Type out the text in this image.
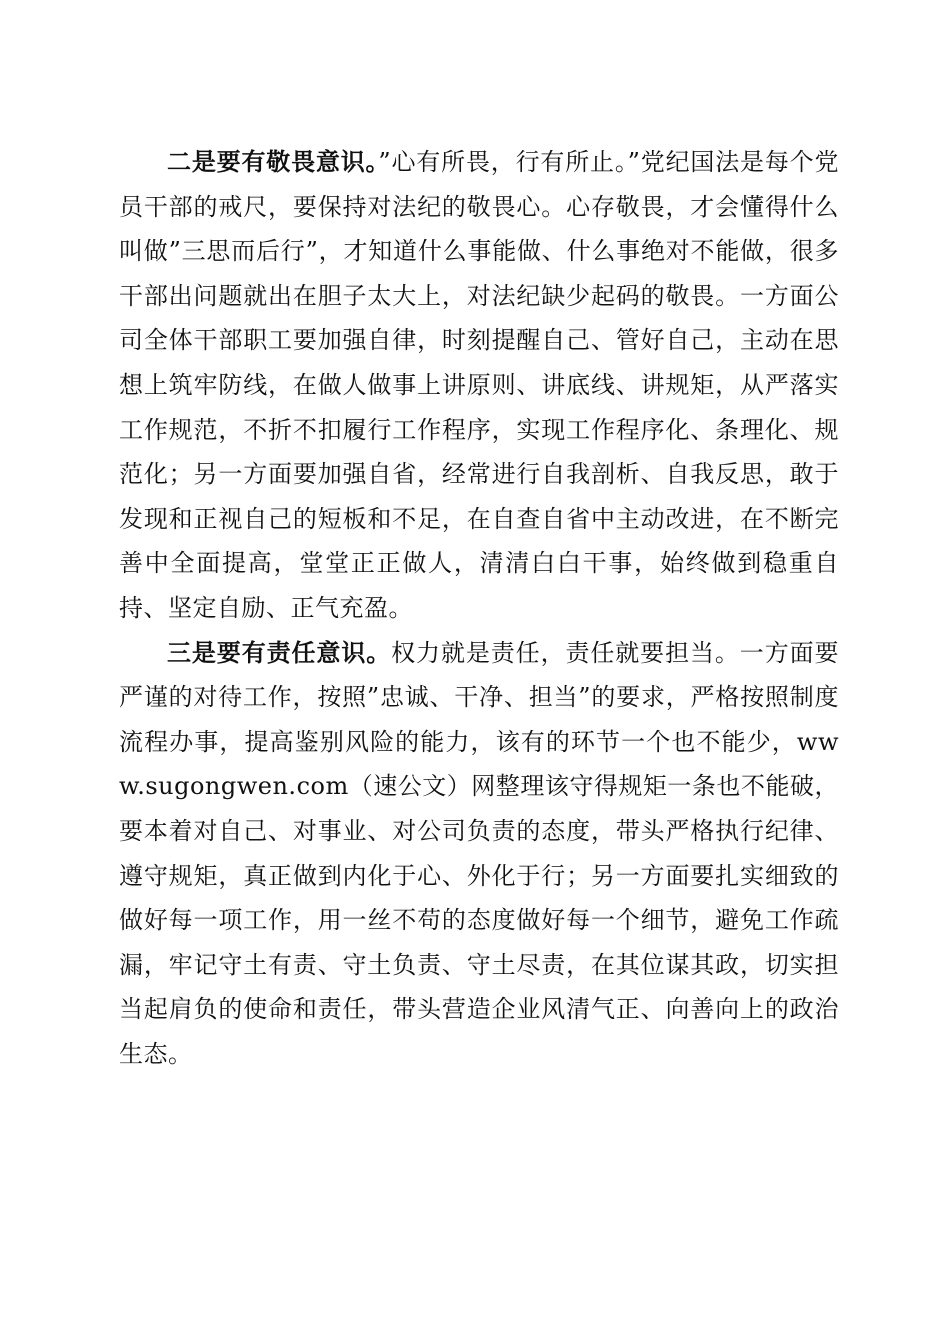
二是要有敬畏意识。”心有所畏，行有所止。”党纪国法是每个党员干部的戒尺，要保持对法纪的敬畏心。心存敬畏，才会懂得什么叫做”三思而后行”，才知道什么事能做、什么事绝对不能做，很多干部出问题就出在胆子太大上，对法纪缺少起码的敬畏。一方面公司全体干部职工要加强自律，时刻提醒自己、管好自己，主动在思想上筑牢防线，在做人做事上讲原则、讲底线、讲规矩，从严落实工作规范，不折不扣履行工作程序，实现工作程序化、条理化、规范化；另一方面要加强自省，经常进行自我剖析、自我反思，敢于发现和正视自己的短板和不足，在自查自省中主动改进，在不断完善中全面提高，堂堂正正做人，清清白白干事，始终做到稳重自持、坚定自励、正气充盈。

三是要有责任意识。权力就是责任，责任就要担当。一方面要严谨的对待工作，按照”忠诚、干净、担当”的要求，严格按照制度流程办事，提高鉴别风险的能力，该有的环节一个也不能少，www.sugongwen.com（速公文）网整理该守得规矩一条也不能破，要本着对自己、对事业、对公司负责的态度，带头严格执行纪律、遵守规矩，真正做到内化于心、外化于行；另一方面要扎实细致的做好每一项工作，用一丝不苟的态度做好每一个细节，避免工作疏漏，牢记守土有责、守土负责、守土尽责，在其位谋其政，切实担当起肩负的使命和责任，带头营造企业风清气正、向善向上的政治生态。
